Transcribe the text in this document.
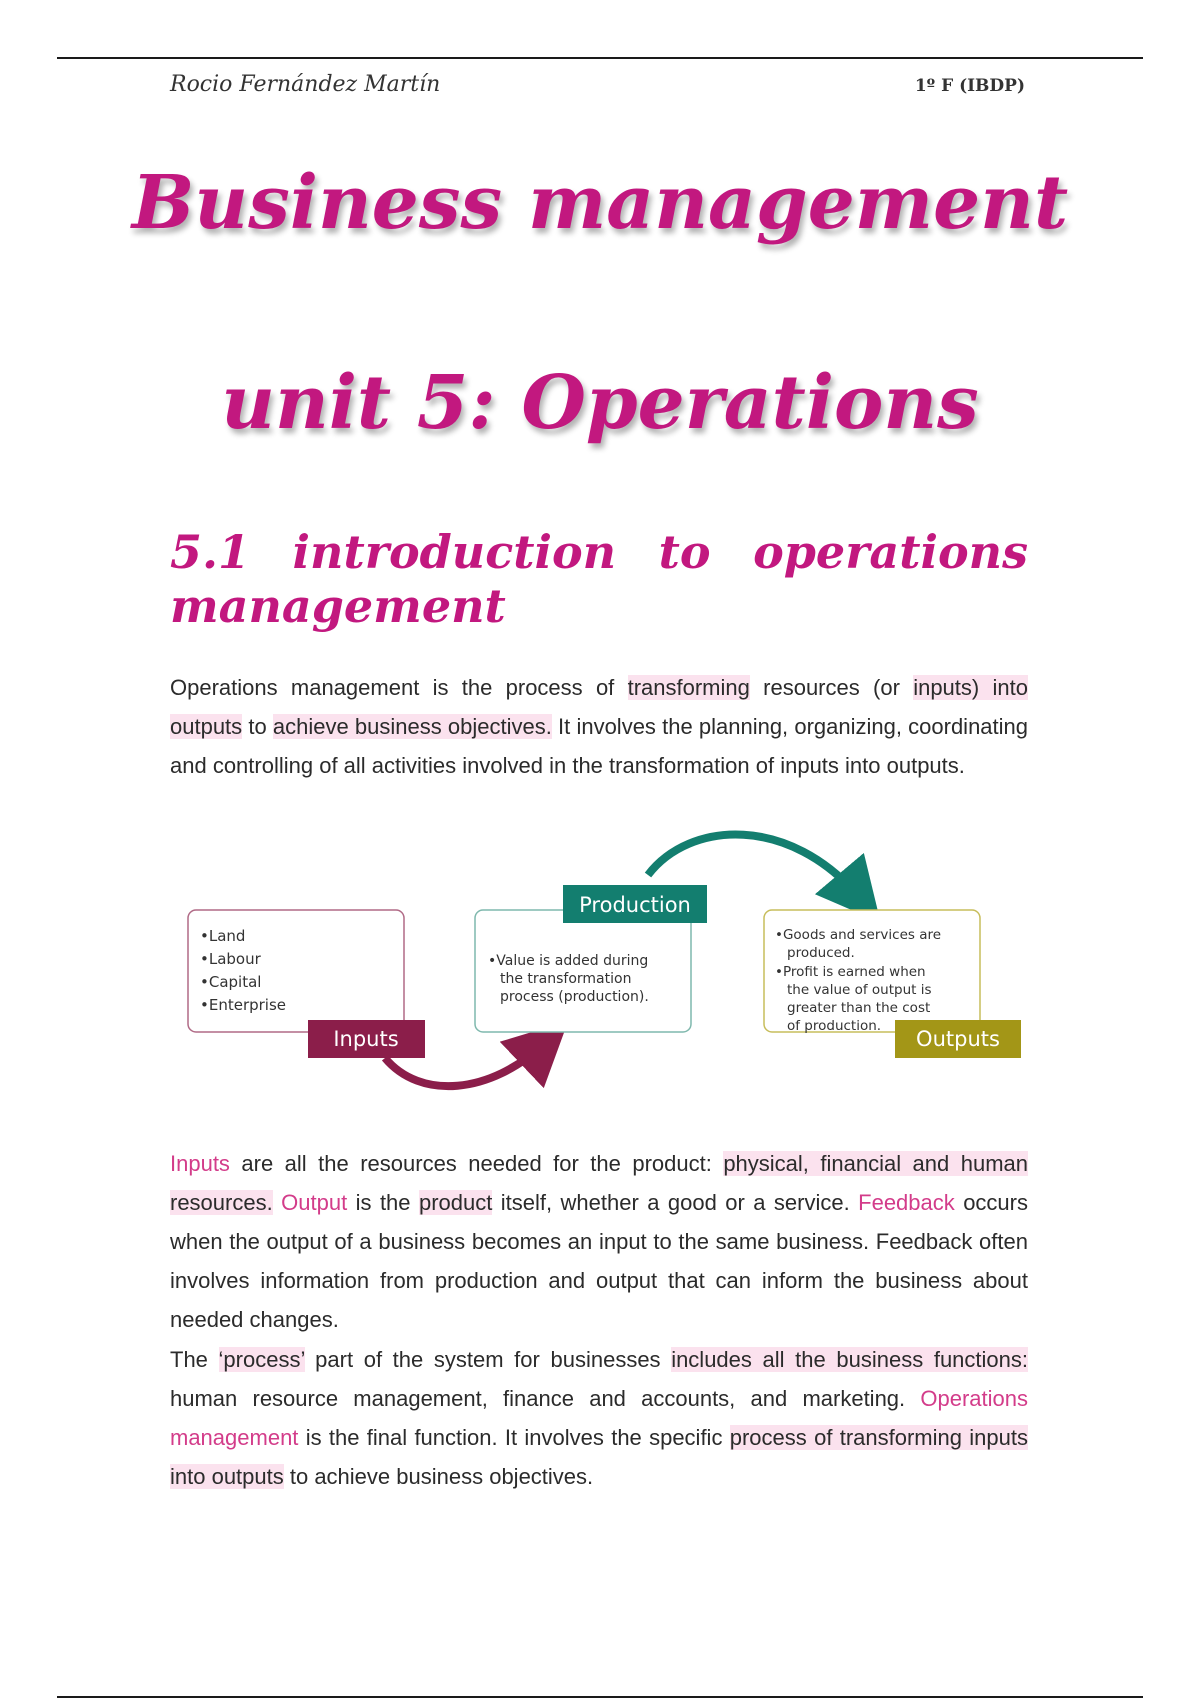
Rocio Fernández Martín	1º F (IBDP)
Business management
unit 5: Operations
5.1 introduction to operations
management
Operations management is the process of transforming resources (or inputs) into outputs to achieve business objectives. It involves the planning, organizing, coordinating and controlling of all activities involved in the transformation of inputs into outputs.
•Land
•Labour
•Capital
•Enterprise
Inputs
Production
•Value is added during
the transformation
process (production).
•Goods and services are
produced.
•Profit is earned when
the value of output is
greater than the cost
of production.
Outputs
Inputs are all the resources needed for the product: physical, financial and human resources. Output is the product itself, whether a good or a service. Feedback occurs when the output of a business becomes an input to the same business. Feedback often involves information from production and output that can inform the business about needed changes.
The ‘process’ part of the system for businesses includes all the business functions: human resource management, finance and accounts, and marketing. Operations management is the final function. It involves the specific process of transforming inputs into outputs to achieve business objectives.
